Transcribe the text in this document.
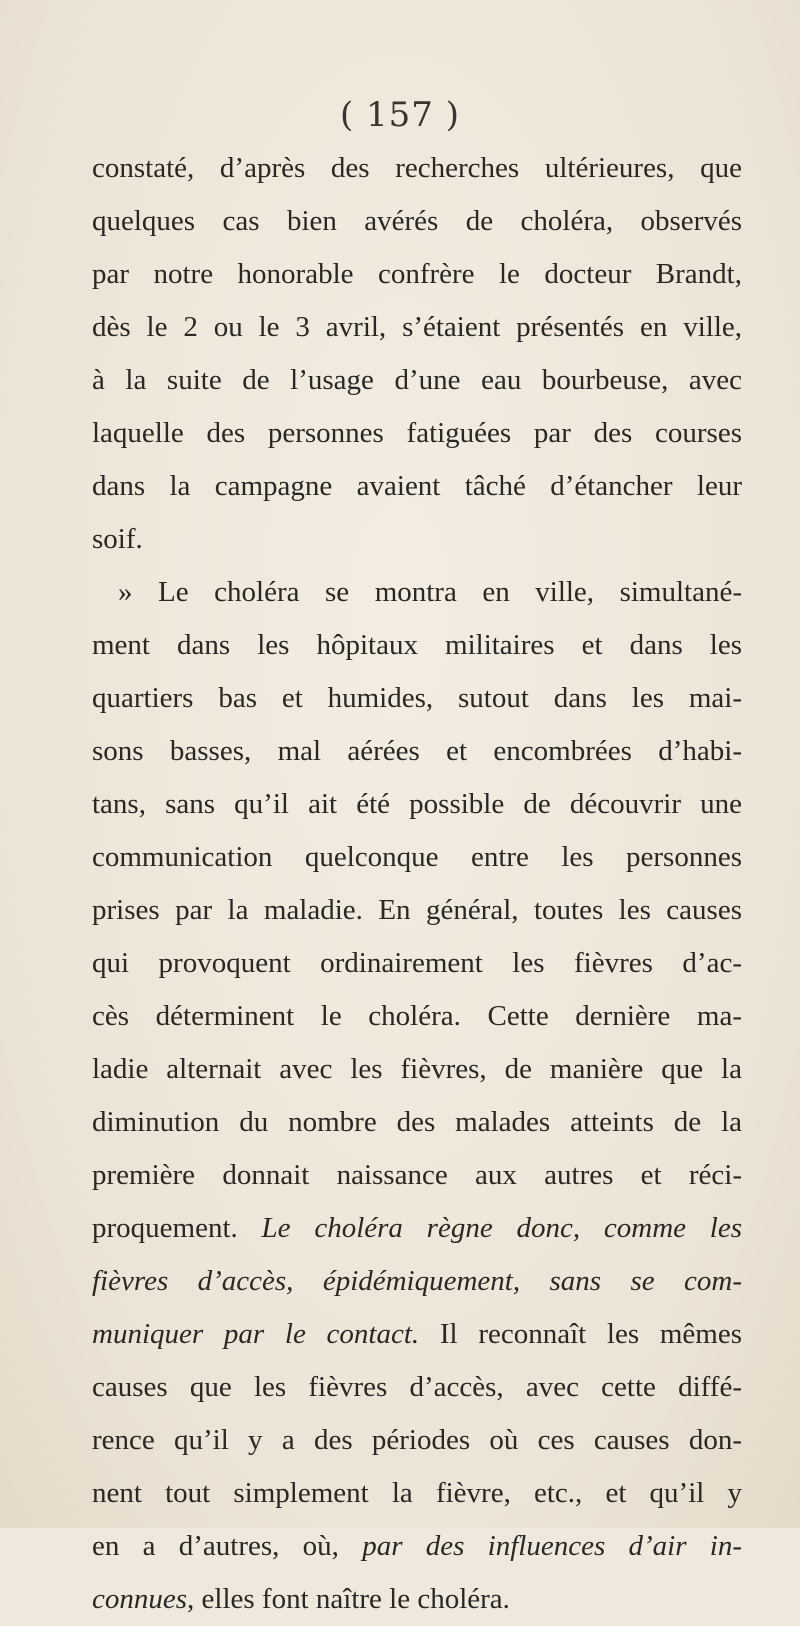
( 157 )
constaté, d’après des recherches ultérieures, que
quelques cas bien avérés de choléra, observés
par notre honorable confrère le docteur Brandt,
dès le 2 ou le 3 avril, s’étaient présentés en ville,
à la suite de l’usage d’une eau bourbeuse, avec
laquelle des personnes fatiguées par des courses
dans la campagne avaient tâché d’étancher leur
soif.
» Le choléra se montra en ville, simultané-
ment dans les hôpitaux militaires et dans les
quartiers bas et humides, sutout dans les mai-
sons basses, mal aérées et encombrées d’habi-
tans, sans qu’il ait été possible de découvrir une
communication quelconque entre les personnes
prises par la maladie. En général, toutes les causes
qui provoquent ordinairement les fièvres d’ac-
cès déterminent le choléra. Cette dernière ma-
ladie alternait avec les fièvres, de manière que la
diminution du nombre des malades atteints de la
première donnait naissance aux autres et réci-
proquement. Le choléra règne donc, comme les
fièvres d’accès, épidémiquement, sans se com-
muniquer par le contact. Il reconnaît les mêmes
causes que les fièvres d’accès, avec cette diffé-
rence qu’il y a des périodes où ces causes don-
nent tout simplement la fièvre, etc., et qu’il y
en a d’autres, où, par des influences d’air in-
connues, elles font naître le choléra.
